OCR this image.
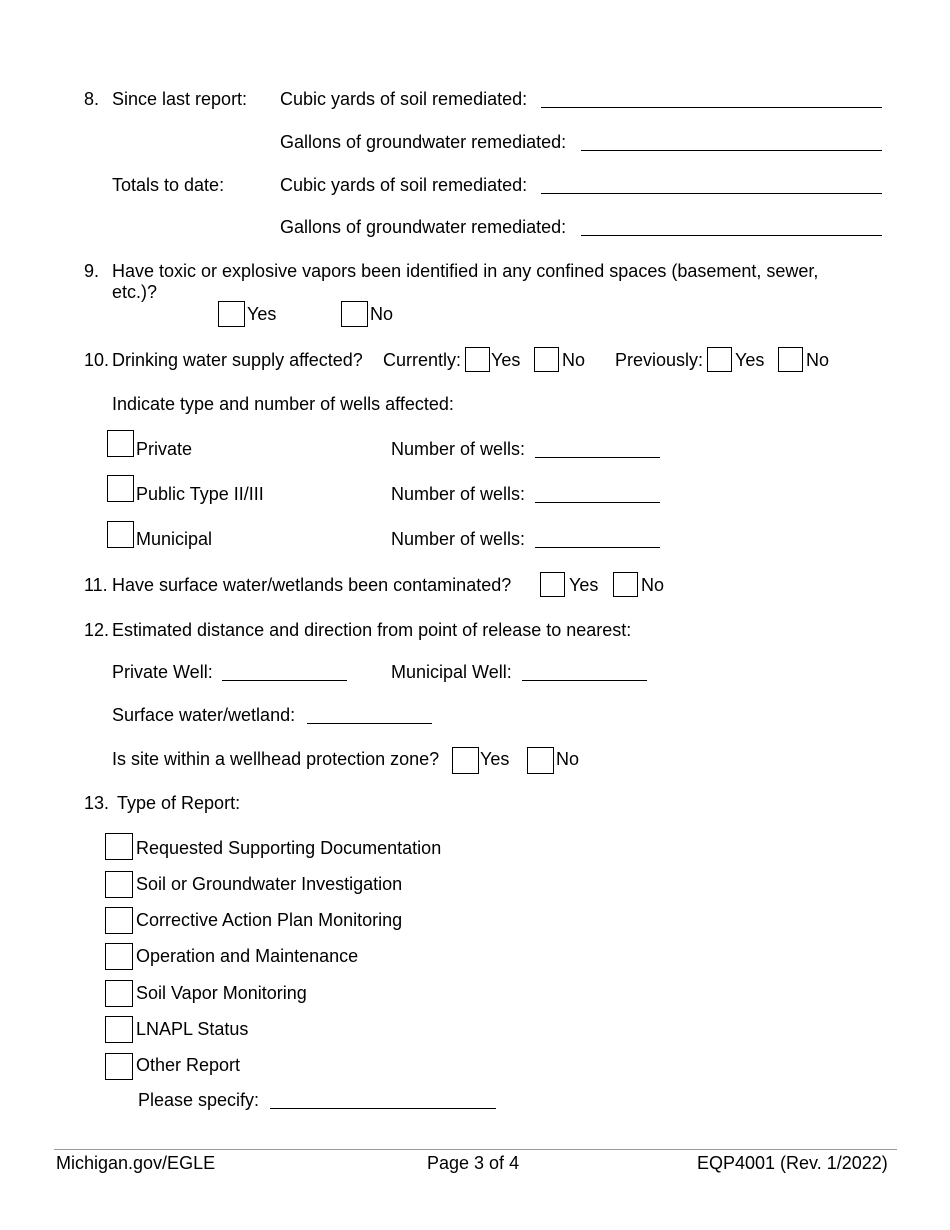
8. Since last report: Cubic yards of soil remediated:
Gallons of groundwater remediated:
Totals to date:	Cubic yards of soil remediated:
Gallons of groundwater remediated:
9. Have toxic or explosive vapors been identified in any confined spaces (basement, sewer,
etc.)?
Yes	No
10. Drinking water supply affected? Currently: Yes No Previously: Yes No
Indicate type and number of wells affected:
Private	Number of wells:
Public Type II/III	Number of wells:
Municipal	Number of wells:
11. Have surface water/wetlands been contaminated?	Yes No
12. Estimated distance and direction from point of release to nearest:
Private Well:	Municipal Well:
Surface water/wetland:
Is site within a wellhead protection zone? Yes	No
13. Type of Report:
Requested Supporting Documentation
Soil or Groundwater Investigation
Corrective Action Plan Monitoring
Operation and Maintenance
Soil Vapor Monitoring
LNAPL Status
Other Report
Please specify:
Michigan.gov/EGLE	Page 3 of 4	EQP4001 (Rev. 1/2022)
